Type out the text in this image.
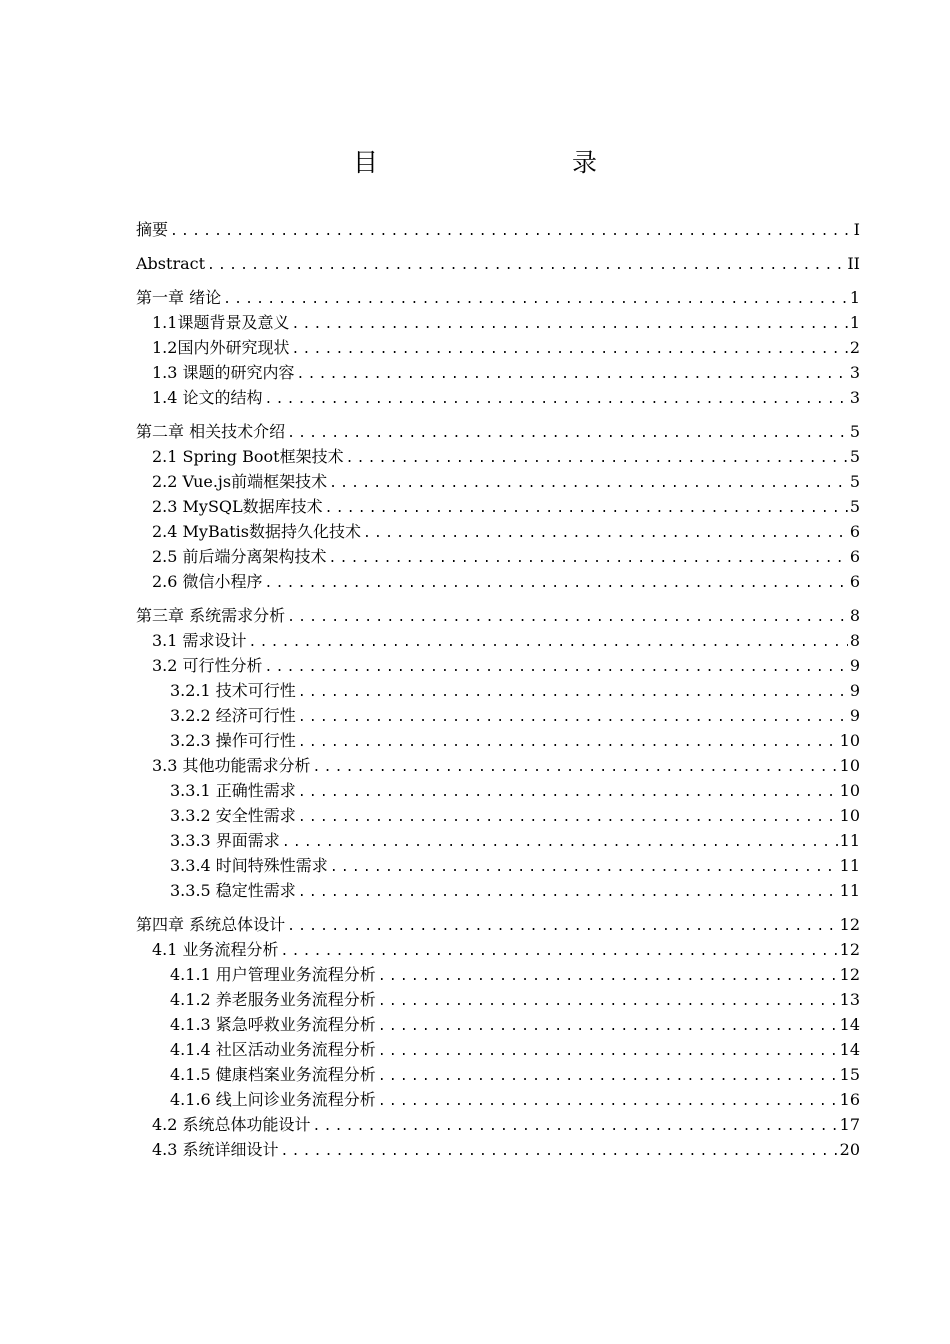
目　　录
摘要 .....	I
Abstract .....	II
第一章 绪论 .....	1
1.1课题背景及意义 .....	1
1.2国内外研究现状 .....	2
1.3 课题的研究内容 .....	3
1.4 论文的结构 .....	3
第二章 相关技术介绍 .....	5
2.1 Spring Boot框架技术 .....	5
2.2 Vue.js前端框架技术 .....	5
2.3 MySQL数据库技术 .....	5
2.4 MyBatis数据持久化技术 .....	6
2.5 前后端分离架构技术 .....	6
2.6 微信小程序 .....	6
第三章 系统需求分析 .....	8
3.1 需求设计 .....	8
3.2 可行性分析 .....	9
3.2.1 技术可行性 .....	9
3.2.2 经济可行性 .....	9
3.2.3 操作可行性 .....	10
3.3 其他功能需求分析 .....	10
3.3.1 正确性需求 .....	10
3.3.2 安全性需求 .....	10
3.3.3 界面需求 .....	11
3.3.4 时间特殊性需求 .....	11
3.3.5 稳定性需求 .....	11
第四章 系统总体设计 .....	12
4.1 业务流程分析 .....	12
4.1.1 用户管理业务流程分析 .....	12
4.1.2 养老服务业务流程分析 .....	13
4.1.3 紧急呼救业务流程分析 .....	14
4.1.4 社区活动业务流程分析 .....	14
4.1.5 健康档案业务流程分析 .....	15
4.1.6 线上问诊业务流程分析 .....	16
4.2 系统总体功能设计 .....	17
4.3 系统详细设计 .....	20
